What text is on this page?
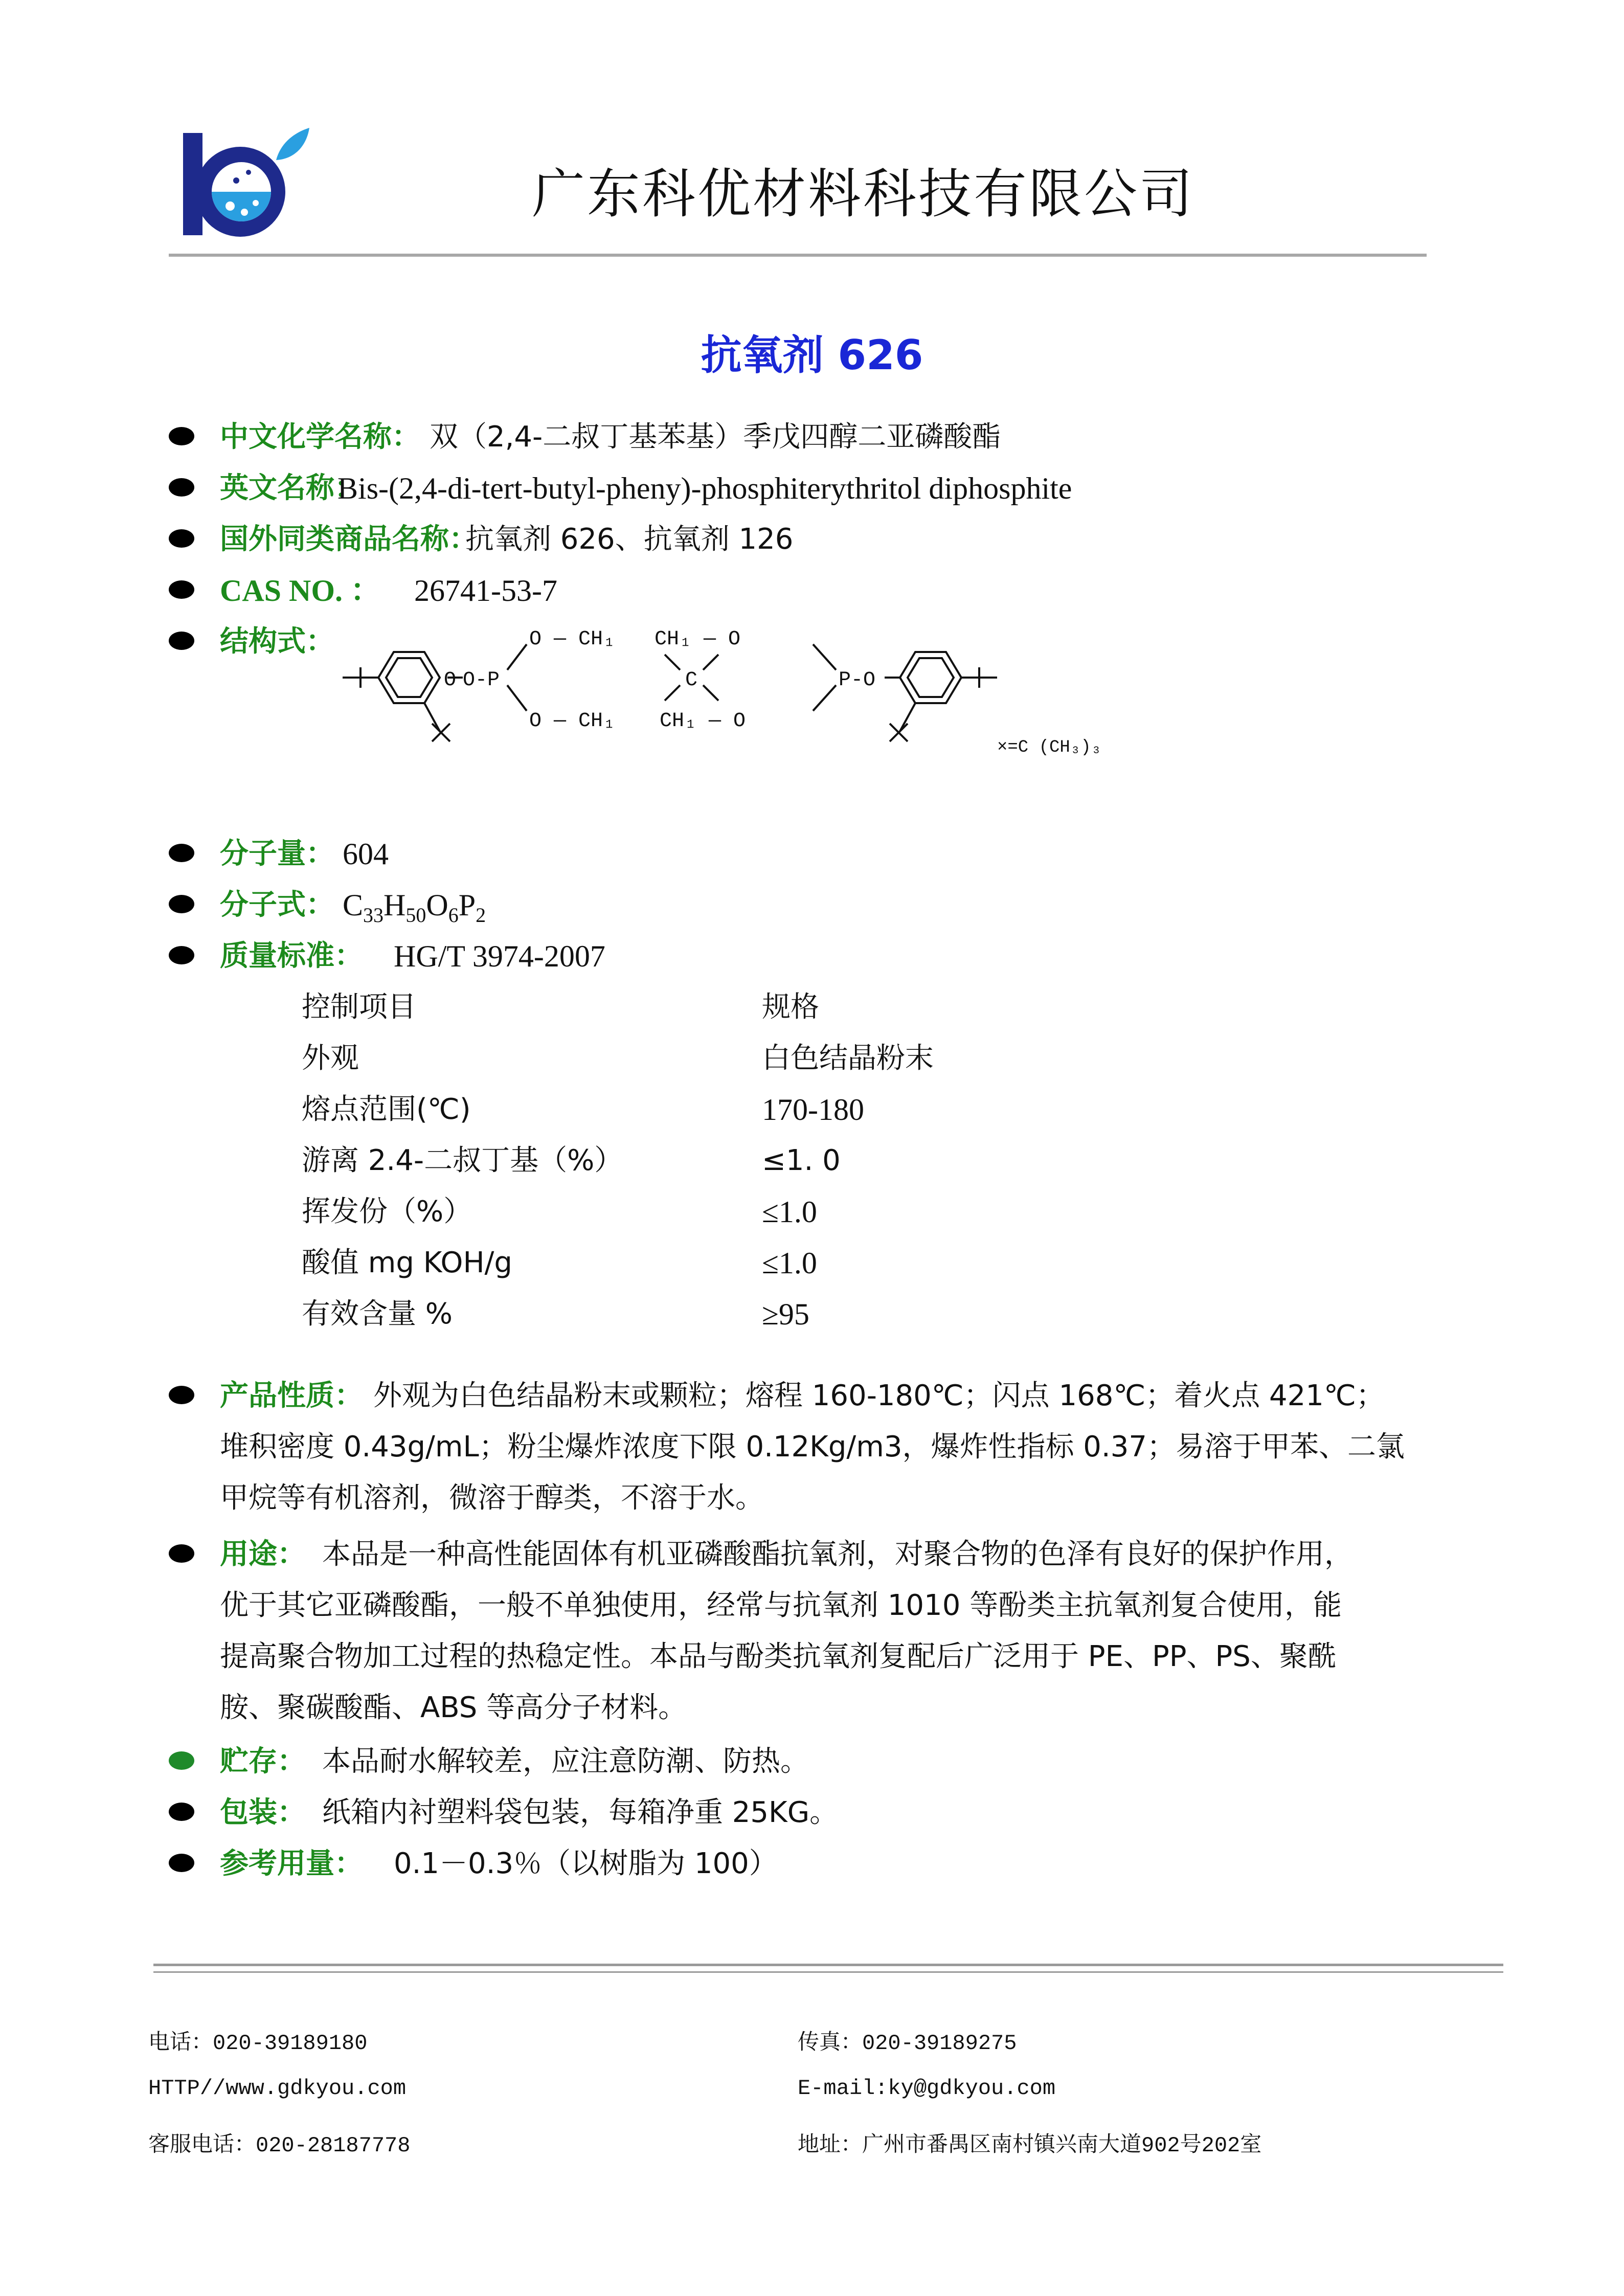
广东科优材料科技有限公司
抗氧剂 626
中文化学名称： 双（2,4-二叔丁基苯基）季戊四醇二亚磷酸酯
英文名称：
Bis-(2,4-di-tert-butyl-pheny)-phosphiterythritol diphosphite
国外同类商品名称：
抗氧剂 626、抗氧剂 126
CAS NO. ： 26741-53-7
结构式：
O O-P
O — CH₁ CH₁ — O
C
O — CH₁ CH₁ — O
P-O
×=C (CH₃)₃
分子量： 604
分子式： $C_{33}H_{50}O_6P_2$
质量标准： HG/T 3974-2007
控制项目	规格
外观	白色结晶粉末
熔点范围(℃)	170-180
游离 2.4-二叔丁基（%）	≤1. 0
挥发份（%）	≤1.0
酸值 mg KOH/g	≤1.0
有效含量 %	≥95
产品性质： 外观为白色结晶粉末或颗粒；熔程 160-180℃；闪点 168℃；着火点 421℃；
堆积密度 0.43g/mL；粉尘爆炸浓度下限 0.12Kg/m3，爆炸性指标 0.37；易溶于甲苯、二氯
甲烷等有机溶剂，微溶于醇类，不溶于水。
用途： 本品是一种高性能固体有机亚磷酸酯抗氧剂，对聚合物的色泽有良好的保护作用，
优于其它亚磷酸酯，一般不单独使用，经常与抗氧剂 1010 等酚类主抗氧剂复合使用，能
提高聚合物加工过程的热稳定性。本品与酚类抗氧剂复配后广泛用于 PE、PP、PS、聚酰
胺、聚碳酸酯、ABS 等高分子材料。
贮存： 本品耐水解较差，应注意防潮、防热。
包装： 纸箱内衬塑料袋包装，每箱净重 25KG。
参考用量： 0.1－0.3％（以树脂为 100）
电话：020-39189180	传真：020-39189275
HTTP//www.gdkyou.com	E-mail:ky@gdkyou.com
客服电话：020-28187778	地址：广州市番禺区南村镇兴南大道902号202室
